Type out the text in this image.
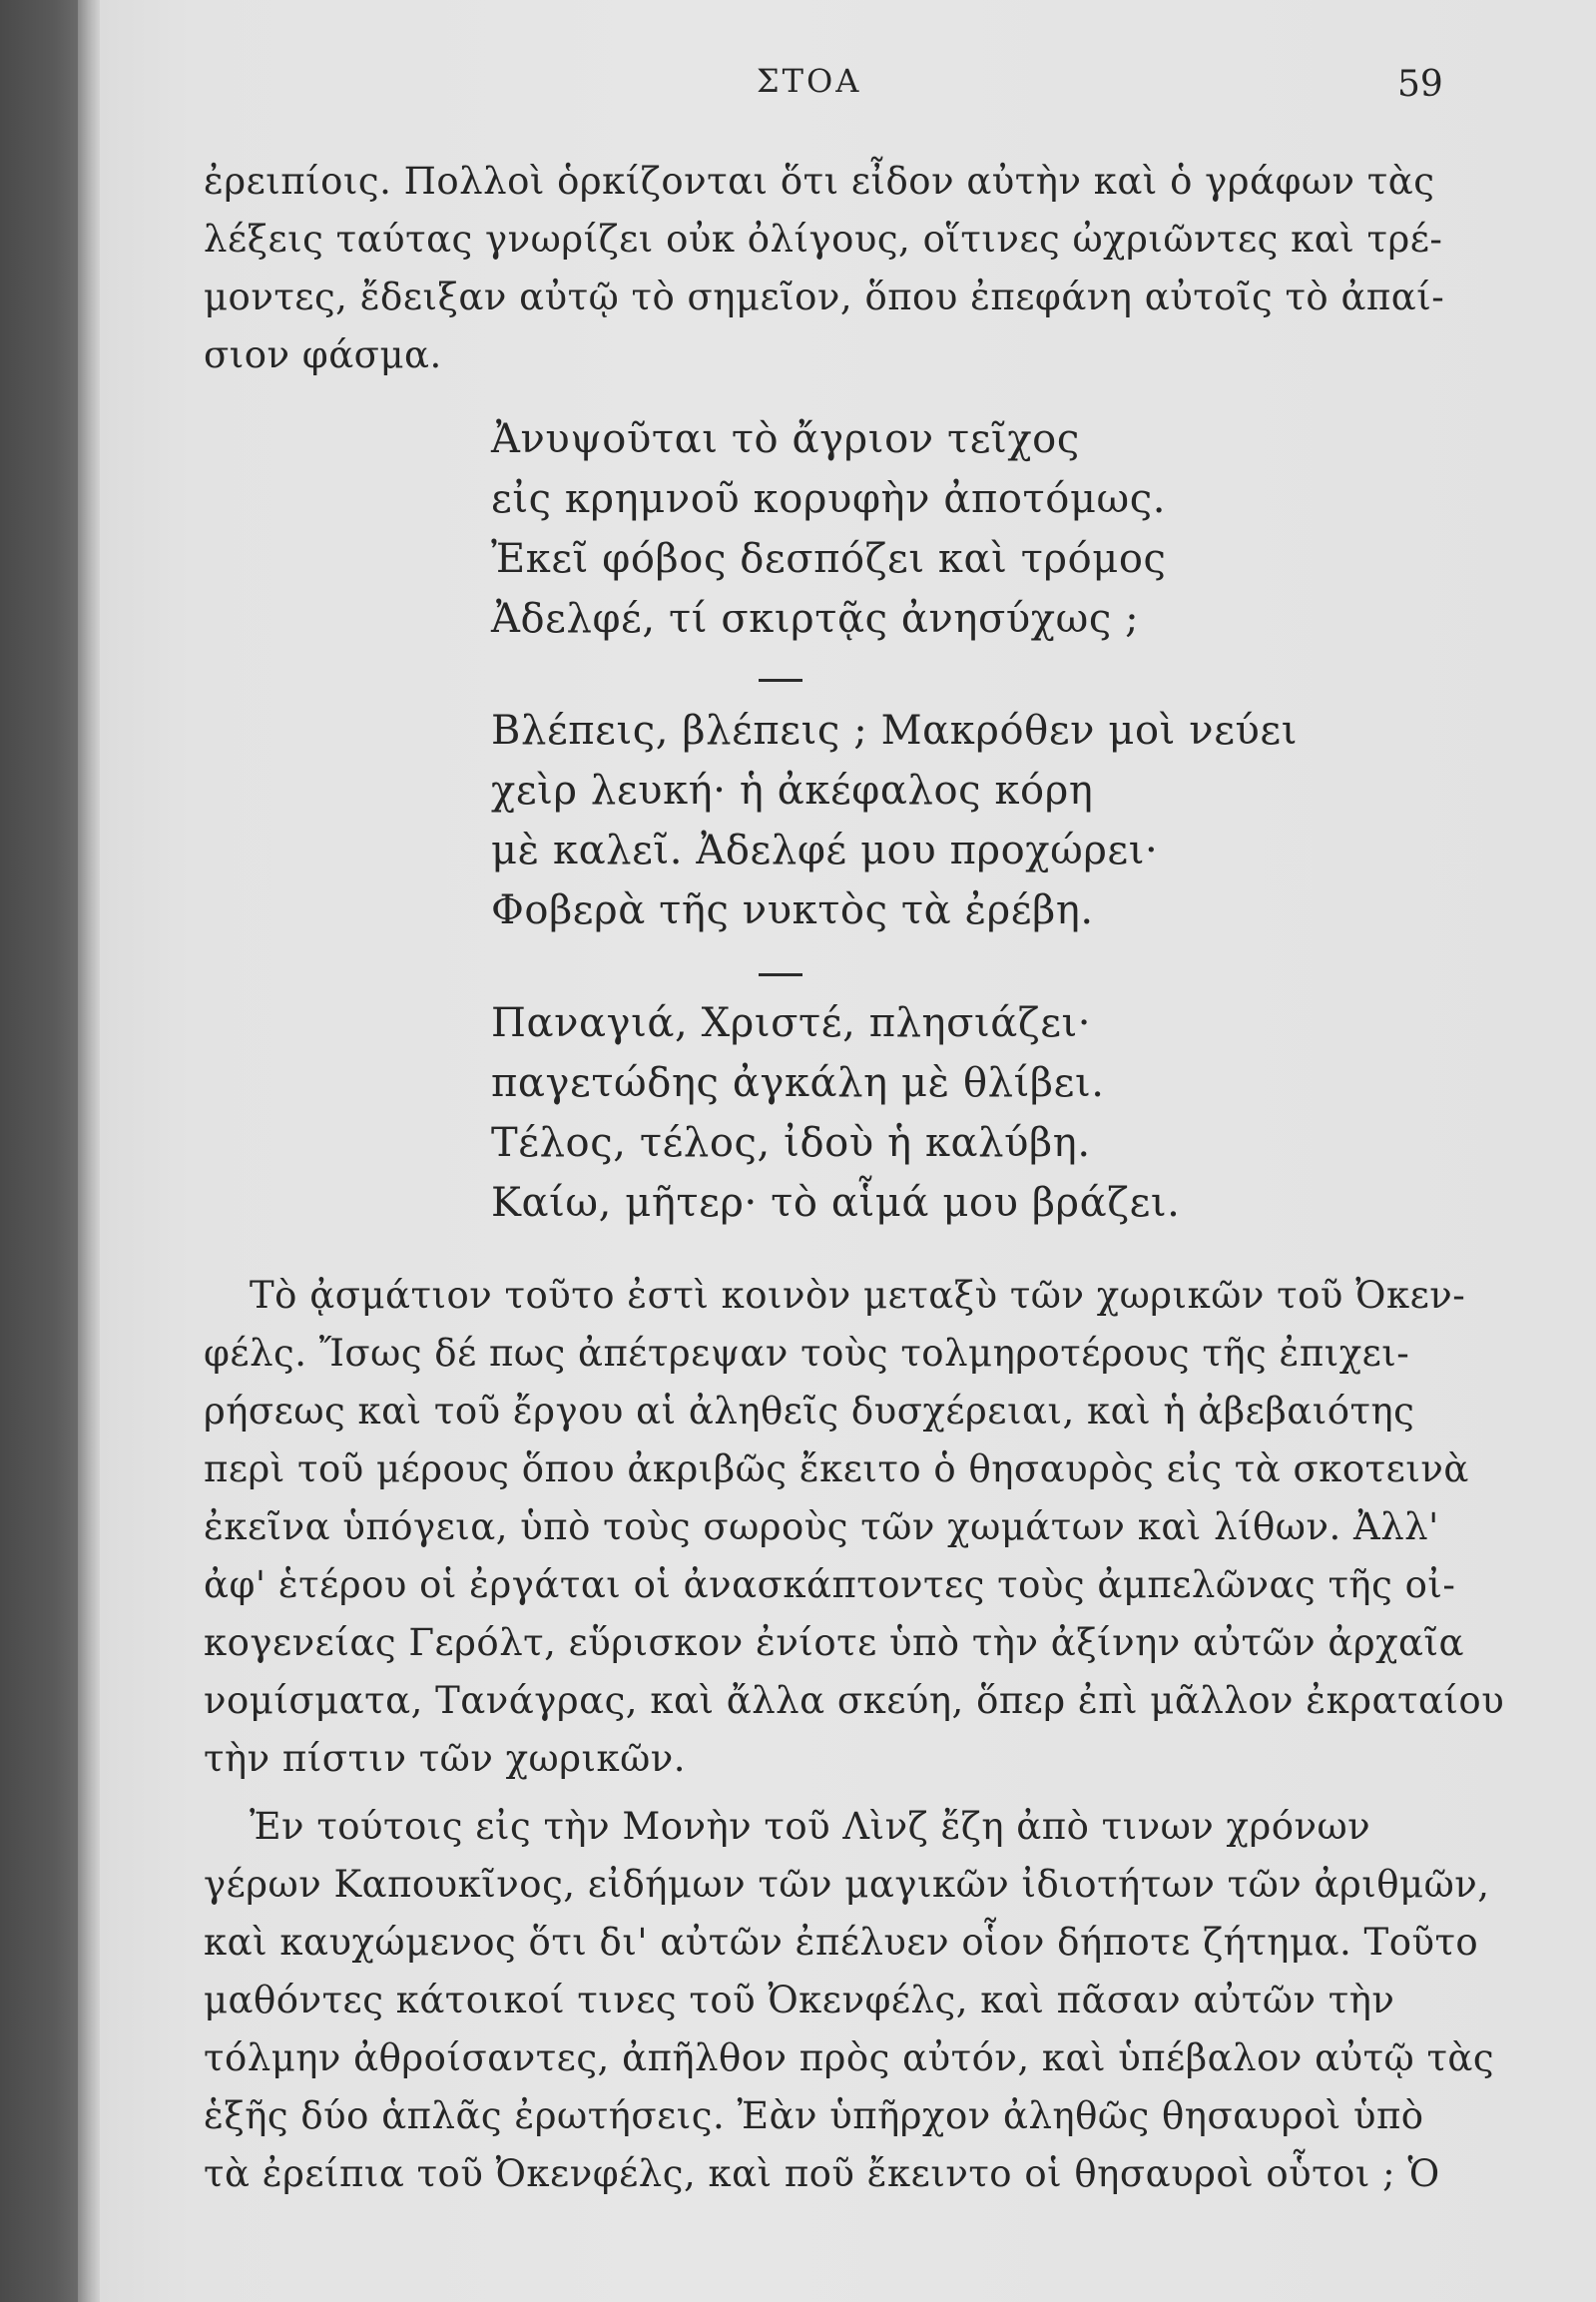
ΣΤΟΑ	59
ἐρειπίοις. Πολλοὶ ὁρκίζονται ὅτι εἶδον αὐτὴν καὶ ὁ γράφων τὰς
λέξεις ταύτας γνωρίζει οὐκ ὀλίγους, οἵτινες ὠχριῶντες καὶ τρέ-
μοντες, ἔδειξαν αὐτῷ τὸ σημεῖον, ὅπου ἐπεφάνη αὐτοῖς τὸ ἀπαί-
σιον φάσμα.
Ἀνυψοῦται τὸ ἄγριον τεῖχος
εἰς κρημνοῦ κορυφὴν ἀποτόμως.
Ἐκεῖ φόβος δεσπόζει καὶ τρόμος
Ἀδελφέ, τί σκιρτᾷς ἀνησύχως ;
Βλέπεις, βλέπεις ; Μακρόθεν μοὶ νεύει
χεὶρ λευκή· ἡ ἀκέφαλος κόρη
μὲ καλεῖ. Ἀδελφέ μου προχώρει·
Φοβερὰ τῆς νυκτὸς τὰ ἐρέβη.
Παναγιά, Χριστέ, πλησιάζει·
παγετώδης ἀγκάλη μὲ θλίβει.
Τέλος, τέλος, ἰδοὺ ἡ καλύβη.
Καίω, μῆτερ· τὸ αἷμά μου βράζει.
Τὸ ᾀσμάτιον τοῦτο ἐστὶ κοινὸν μεταξὺ τῶν χωρικῶν τοῦ Ὀκεν-
φέλς. Ἴσως δέ πως ἀπέτρεψαν τοὺς τολμηροτέρους τῆς ἐπιχει-
ρήσεως καὶ τοῦ ἔργου αἱ ἀληθεῖς δυσχέρειαι, καὶ ἡ ἀβεβαιότης
περὶ τοῦ μέρους ὅπου ἀκριβῶς ἔκειτο ὁ θησαυρὸς εἰς τὰ σκοτεινὰ
ἐκεῖνα ὑπόγεια, ὑπὸ τοὺς σωροὺς τῶν χωμάτων καὶ λίθων. Ἀλλ'
ἀφ' ἑτέρου οἱ ἐργάται οἱ ἀνασκάπτοντες τοὺς ἀμπελῶνας τῆς οἰ-
κογενείας Γερόλτ, εὕρισκον ἐνίοτε ὑπὸ τὴν ἀξίνην αὐτῶν ἀρχαῖα
νομίσματα, Τανάγρας, καὶ ἄλλα σκεύη, ὅπερ ἐπὶ μᾶλλον ἐκραταίου
τὴν πίστιν τῶν χωρικῶν.
Ἐν τούτοις εἰς τὴν Μονὴν τοῦ Λὶνζ ἔζη ἀπὸ τινων χρόνων
γέρων Καπουκῖνος, εἰδήμων τῶν μαγικῶν ἰδιοτήτων τῶν ἀριθμῶν,
καὶ καυχώμενος ὅτι δι' αὐτῶν ἐπέλυεν οἷον δήποτε ζήτημα. Τοῦτο
μαθόντες κάτοικοί τινες τοῦ Ὀκενφέλς, καὶ πᾶσαν αὐτῶν τὴν
τόλμην ἀθροίσαντες, ἀπῆλθον πρὸς αὐτόν, καὶ ὑπέβαλον αὐτῷ τὰς
ἑξῆς δύο ἁπλᾶς ἐρωτήσεις. Ἐὰν ὑπῆρχον ἀληθῶς θησαυροὶ ὑπὸ
τὰ ἐρείπια τοῦ Ὀκενφέλς, καὶ ποῦ ἔκειντο οἱ θησαυροὶ οὗτοι ; Ὁ
